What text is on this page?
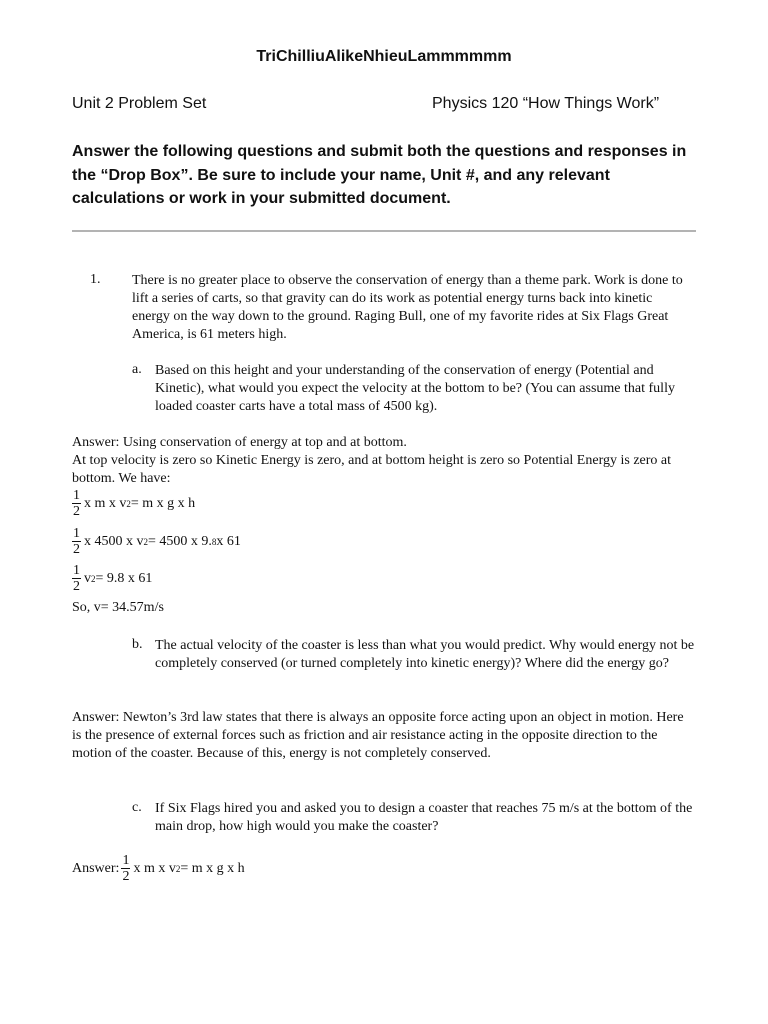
TriChilliuAlikeNhieuLammmmmm
Unit 2 Problem Set	Physics 120 “How Things Work”
Answer the following questions and submit both the questions and responses in the “Drop Box”. Be sure to include your name, Unit #, and any relevant calculations or work in your submitted document.
1. There is no greater place to observe the conservation of energy than a theme park. Work is done to lift a series of carts, so that gravity can do its work as potential energy turns back into kinetic energy on the way down to the ground. Raging Bull, one of my favorite rides at Six Flags Great America, is 61 meters high.
a. Based on this height and your understanding of the conservation of energy (Potential and Kinetic), what would you expect the velocity at the bottom to be? (You can assume that fully loaded coaster carts have a total mass of 4500 kg).
Answer: Using conservation of energy at top and at bottom.
At top velocity is zero so Kinetic Energy is zero, and at bottom height is zero so Potential Energy is zero at bottom. We have:
$\frac{1}{2}$ x m x v 2 = m x g x h
$\frac{1}{2}$ x 4500 x v 2 = 4500 x 9. 8 x 61
$\frac{1}{2}$ v 2 = 9.8 x 61
So, v= 34.57m/s
b. The actual velocity of the coaster is less than what you would predict. Why would energy not be completely conserved (or turned completely into kinetic energy)? Where did the energy go?
Answer: Newton’s 3rd law states that there is always an opposite force acting upon an object in motion. Here is the presence of external forces such as friction and air resistance acting in the opposite direction to the motion of the coaster. Because of this, energy is not completely conserved.
c. If Six Flags hired you and asked you to design a coaster that reaches 75 m/s at the bottom of the main drop, how high would you make the coaster?
Answer: $\frac{1}{2}$ x m x v 2 = m x g x h
